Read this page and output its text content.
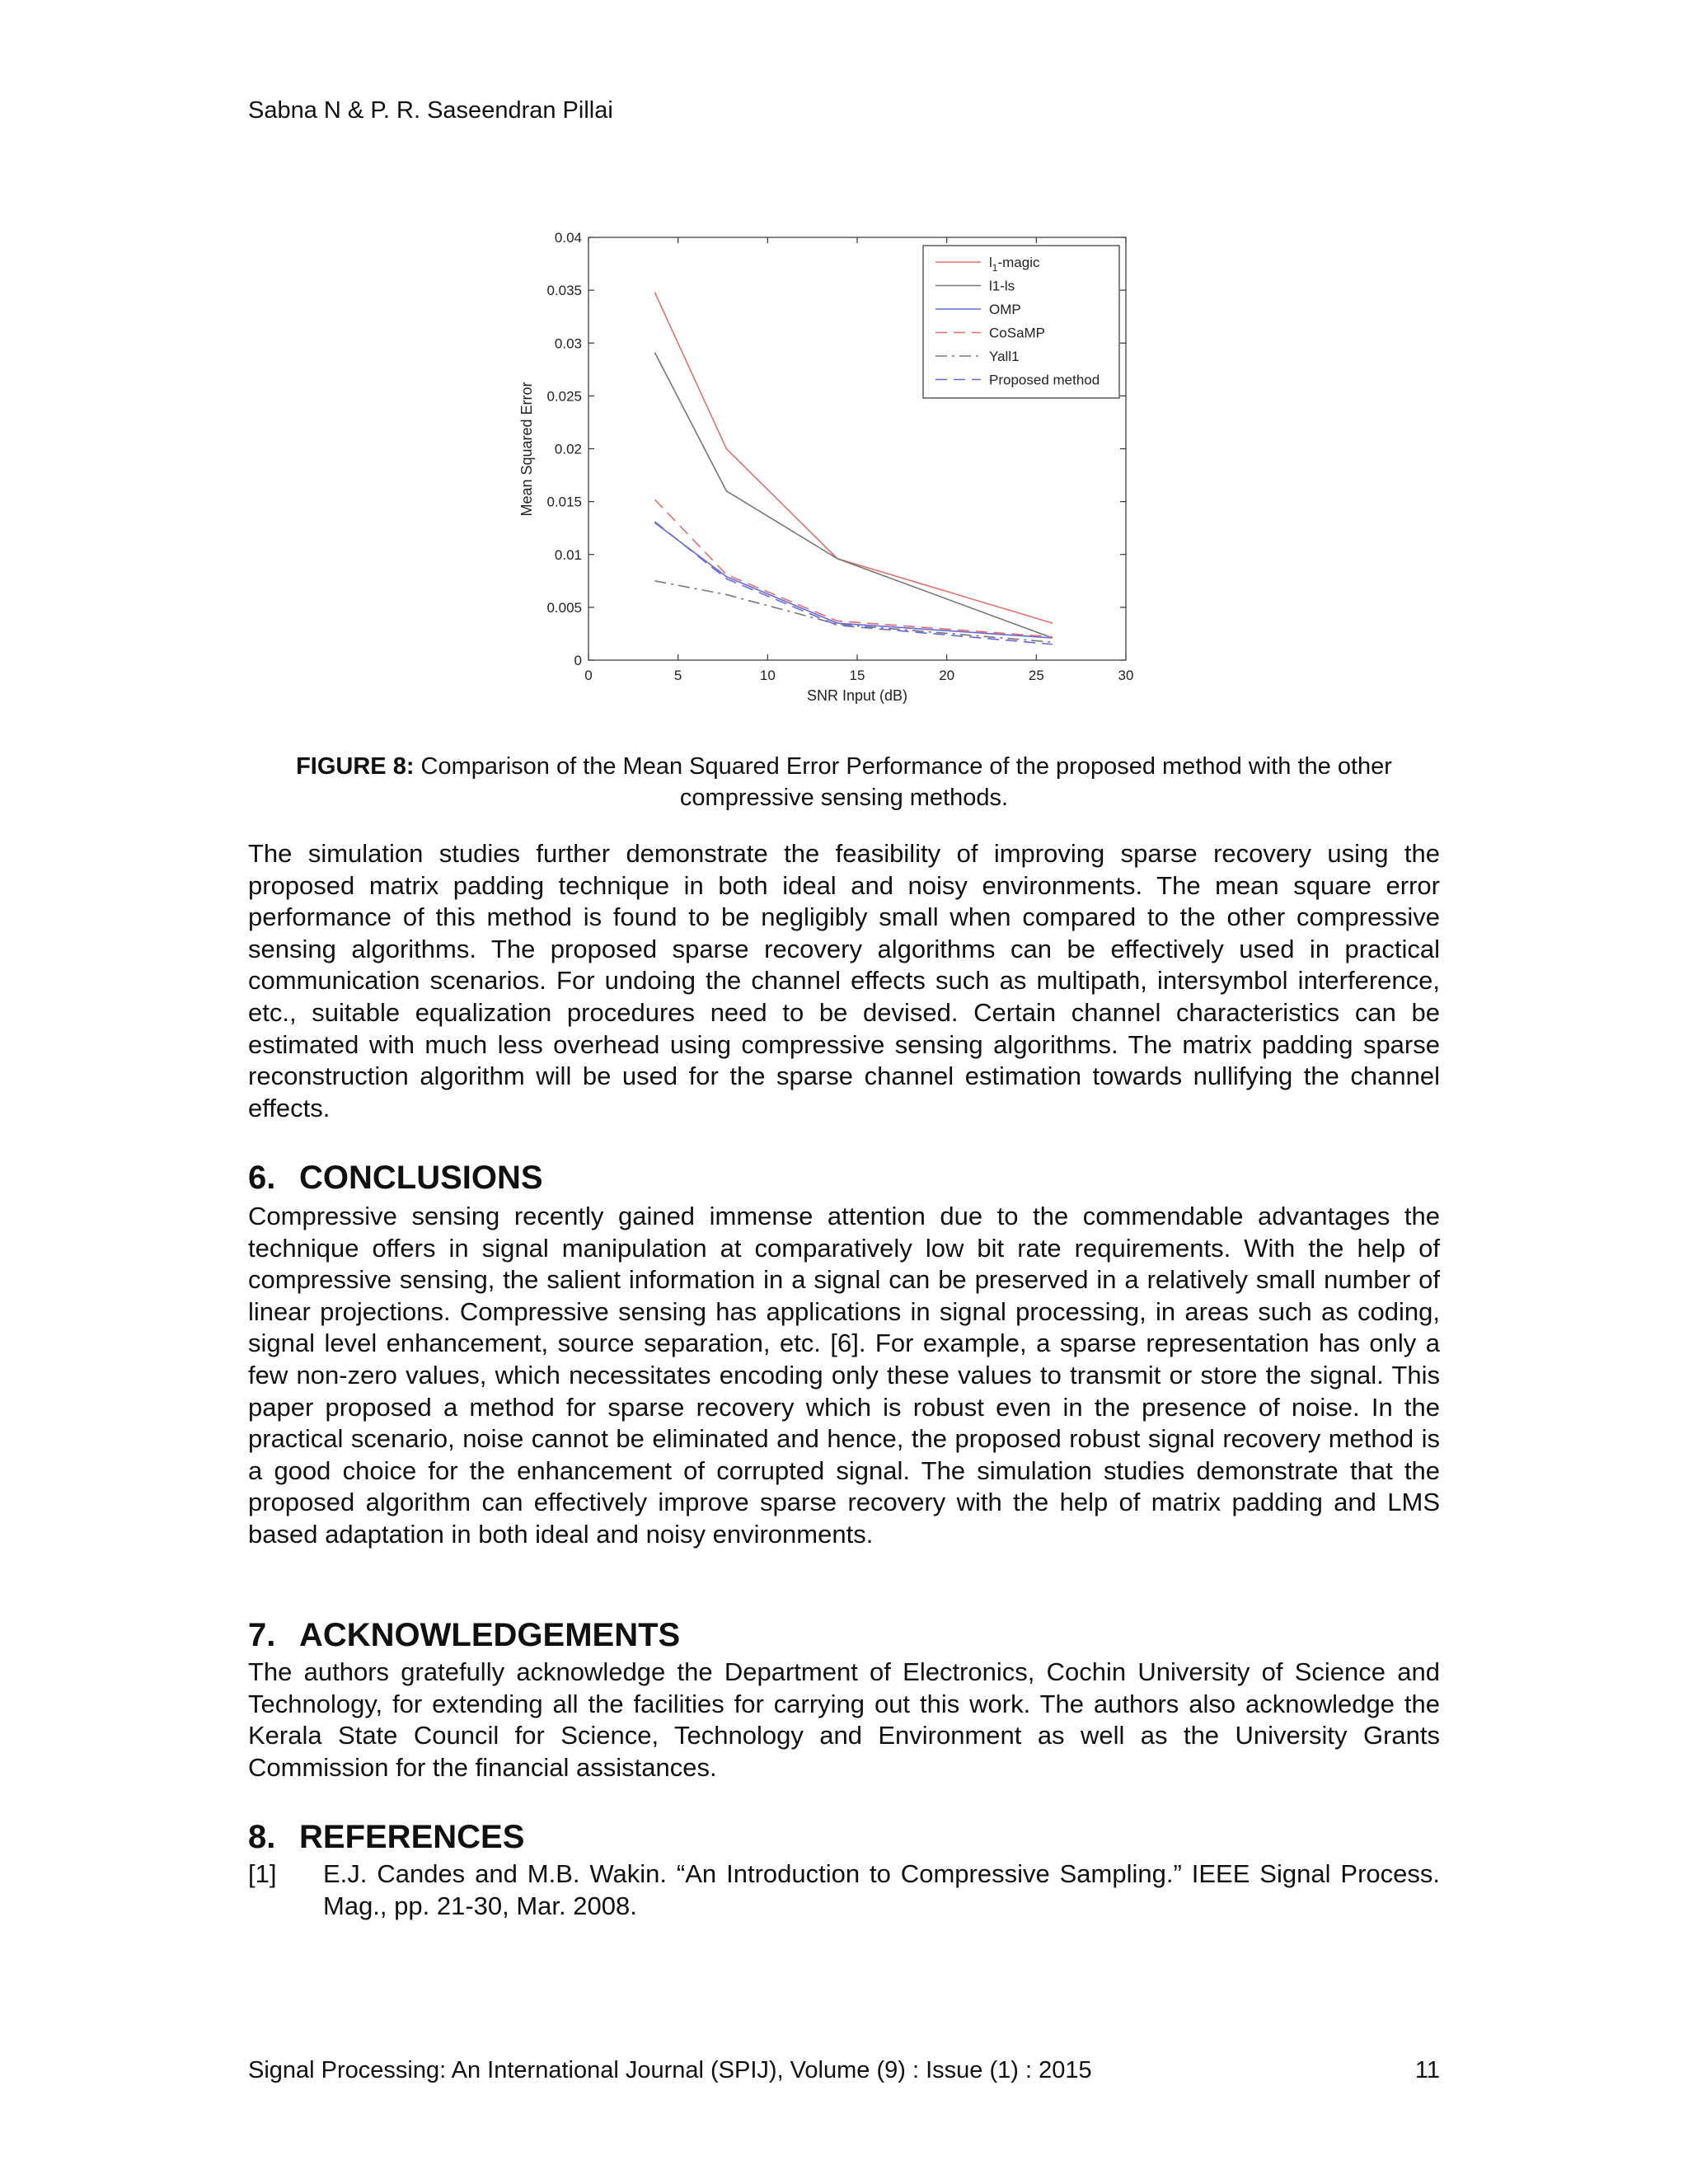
Sabna N & P. R. Saseendran Pillai
0	5	10	15	20	25	30
0
0.005
0.01
0.015
0.02
0.025
0.03
0.035
0.04
SNR Input (dB)
Mean Squared Error
$l_1$-magic
l1-ls
OMP
CoSaMP
Yall1
Proposed method
FIGURE 8: Comparison of the Mean Squared Error Performance of the proposed method with the other compressive sensing methods.
The simulation studies further demonstrate the feasibility of improving sparse recovery using the proposed matrix padding technique in both ideal and noisy environments. The mean square error performance of this method is found to be negligibly small when compared to the other compressive sensing algorithms. The proposed sparse recovery algorithms can be effectively used in practical communication scenarios. For undoing the channel effects such as multipath, intersymbol interference, etc., suitable equalization procedures need to be devised. Certain channel characteristics can be estimated with much less overhead using compressive sensing algorithms. The matrix padding sparse reconstruction algorithm will be used for the sparse channel estimation towards nullifying the channel effects.
6. CONCLUSIONS
Compressive sensing recently gained immense attention due to the commendable advantages the technique offers in signal manipulation at comparatively low bit rate requirements. With the help of compressive sensing, the salient information in a signal can be preserved in a relatively small number of linear projections. Compressive sensing has applications in signal processing, in areas such as coding, signal level enhancement, source separation, etc. [6]. For example, a sparse representation has only a few non-zero values, which necessitates encoding only these values to transmit or store the signal. This paper proposed a method for sparse recovery which is robust even in the presence of noise. In the practical scenario, noise cannot be eliminated and hence, the proposed robust signal recovery method is a good choice for the enhancement of corrupted signal. The simulation studies demonstrate that the proposed algorithm can effectively improve sparse recovery with the help of matrix padding and LMS based adaptation in both ideal and noisy environments.
7. ACKNOWLEDGEMENTS
The authors gratefully acknowledge the Department of Electronics, Cochin University of Science and Technology, for extending all the facilities for carrying out this work. The authors also acknowledge the Kerala State Council for Science, Technology and Environment as well as the University Grants Commission for the financial assistances.
8. REFERENCES
[1] E.J. Candes and M.B. Wakin. “An Introduction to Compressive Sampling.” IEEE Signal Process. Mag., pp. 21-30, Mar. 2008.
Signal Processing: An International Journal (SPIJ), Volume (9) : Issue (1) : 2015	11
